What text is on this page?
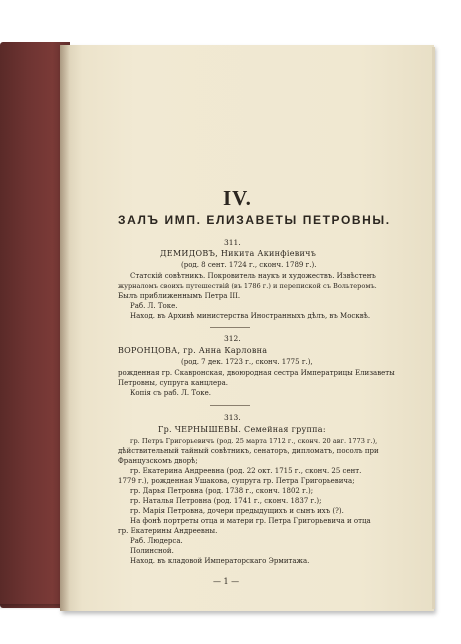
IV.
ЗАЛЪ ИМП. ЕЛИЗАВЕТЫ ПЕТРОВНЫ.
311.
ДЕМИДОВЪ, Никита Акинфіевичъ
(род. 8 сент. 1724 г., сконч. 1789 г.).
Статскій совѣтникъ. Покровитель наукъ и художествъ. Извѣстенъ
журналомъ своихъ путешествій (въ 1786 г.) и перепиской съ Вольтеромъ.
Былъ приближеннымъ Петра III.
Раб. Л. Токе.
Наход. въ Архивѣ министерства Иностранныхъ дѣлъ, въ Москвѣ.
312.
ВОРОНЦОВА, гр. Анна Карловна
(род. 7 дек. 1723 г., сконч. 1775 г.),
рожденная гр. Скавронская, двоюродная сестра Императрицы Елизаветы
Петровны, супруга канцлера.
Копія съ раб. Л. Токе.
313.
Гр. ЧЕРНЫШЕВЫ. Семейная группа:
гр. Петръ Григорьевичъ (род. 25 марта 1712 г., сконч. 20 авг. 1773 г.),
дѣйствительный тайный совѣтникъ, сенаторъ, дипломатъ, посолъ при
Французскомъ дворѣ;
гр. Екатерина Андреевна (род. 22 окт. 1715 г., сконч. 25 сент.
1779 г.), рожденная Ушакова, супруга гр. Петра Григорьевича;
гр. Дарья Петровна (род. 1738 г., сконч. 1802 г.);
гр. Наталья Петровна (род. 1741 г., сконч. 1837 г.);
гр. Марія Петровна, дочери предыдущихъ и сынъ ихъ (?).
На фонѣ портреты отца и матери гр. Петра Григорьевича и отца
гр. Екатерины Андреевны.
Раб. Людерса.
Полинсной.
Наход. въ кладовой Императорскаго Эрмитажа.
— 1 —
